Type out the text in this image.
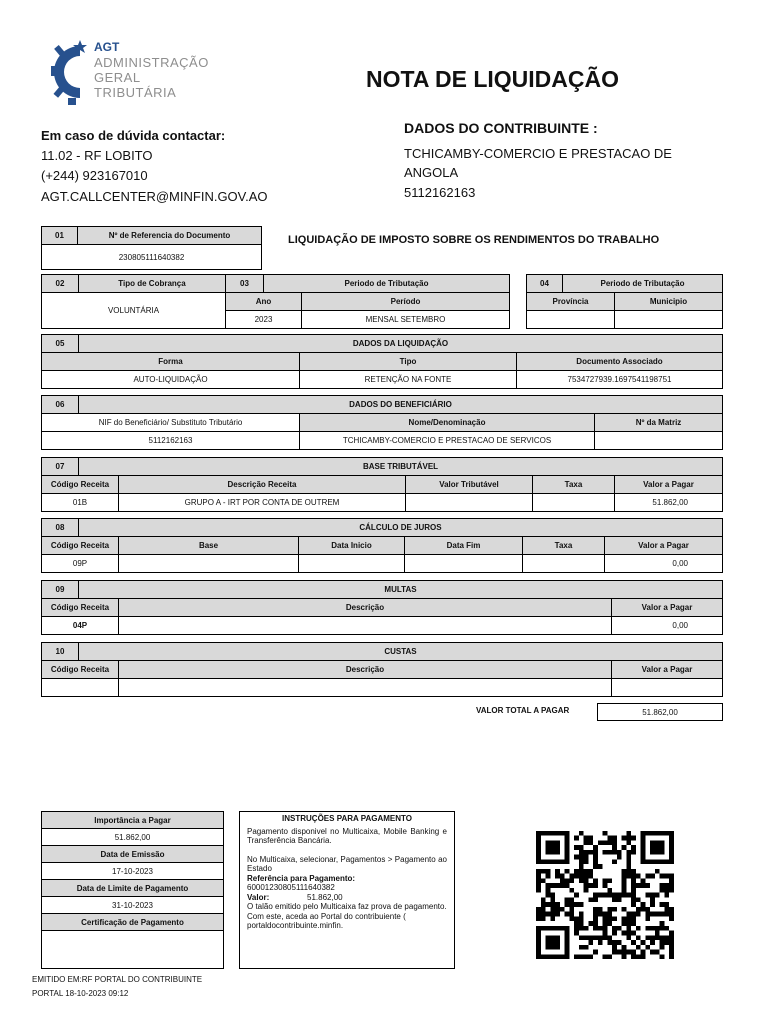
AGT
ADMINISTRAÇÃO
GERAL
TRIBUTÁRIA
NOTA DE LIQUIDAÇÃO
Em caso de dúvida contactar:
11.02 - RF LOBITO
(+244) 923167010
AGT.CALLCENTER@MINFIN.GOV.AO
DADOS DO CONTRIBUINTE :
TCHICAMBY-COMERCIO E PRESTACAO DE ANGOLA
5112162163
01	Nº de Referencia do Documento
230805111640382
LIQUIDAÇÃO DE IMPOSTO SOBRE OS RENDIMENTOS DO TRABALHO
02	Tipo de Cobrança	03	Periodo de Tributação	
VOLUNTÁRIA		Ano		Período
		2023		MENSAL SETEMBRO
04	Periodo de Tributação	
Província		Municipio

05	DADOS DA LIQUIDAÇÃO		
Forma		Tipo	Documento Associado
AUTO-LIQUIDAÇÃO		RETENÇÃO NA FONTE	7534727939.1697541198751
06	DADOS DO BENEFICIÁRIO		
NIF do Beneficiário/ Substituto Tributário		Nome/Denominação	Nº da Matriz
5112162163		TCHICAMBY-COMERCIO E PRESTACAO DE SERVICOS	
07	BASE TRIBUTÁVEL				
Código Receita		Descrição Receita	Valor Tributável	Taxa	Valor a Pagar
01B		GRUPO A - IRT POR CONTA DE OUTREM			51.862,00
08	CÁLCULO DE JUROS					
Código Receita		Base	Data Inicio	Data Fim	Taxa	Valor a Pagar
09P						0,00
09	MULTAS		
Código Receita		Descrição	Valor a Pagar
04P			0,00
10	CUSTAS		
Código Receita		Descrição	Valor a Pagar

VALOR TOTAL A PAGAR	51.862,00
Importância a Pagar
51.862,00
Data de Emissão
17-10-2023
Data de Limite de Pagamento
31-10-2023
Certificação de Pagamento

INSTRUÇÕES PARA PAGAMENTO

Pagamento disponivel no Multicaixa, Mobile Banking e Transferência Bancária.

No Multicaixa, selecionar, Pagamentos > Pagamento ao Estado

Referência para Pagamento:

600012308051116403​82

Valor:	51.862,00

O talão emitido pelo Multicaixa faz prova de pagamento. Com este, aceda ao Portal do contribuiente ( portaldocontribuinte.minfin.

EMITIDO EM:RF PORTAL DO CONTRIBUINTE
PORTAL 18-10-2023 09:12
